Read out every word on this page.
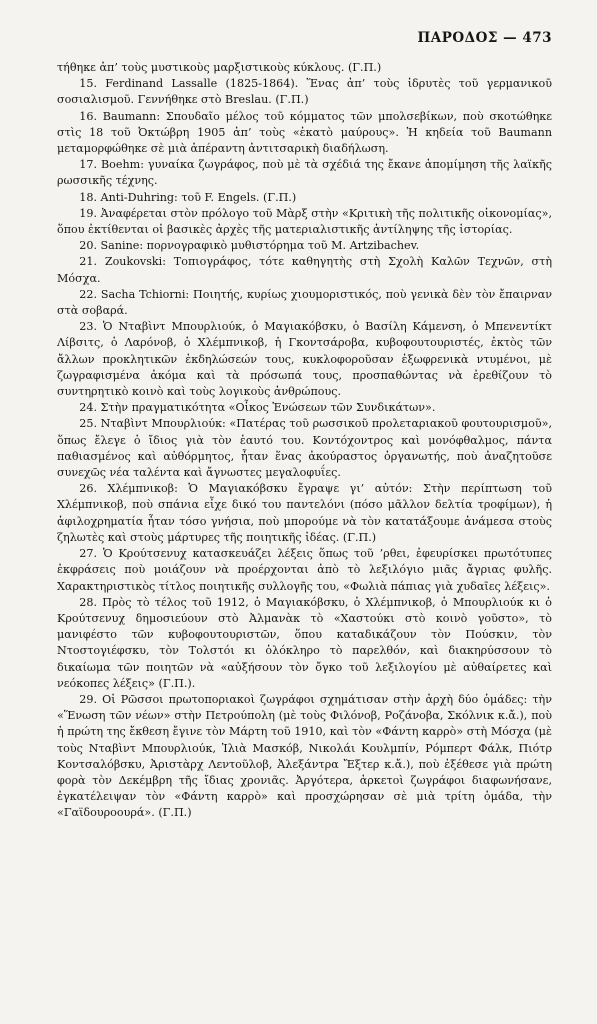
ΠΑΡΟΔΟΣ — 473

τήθηκε ἀπ’ τοὺς μυστικοὺς μαρξιστικοὺς κύκλους. (Γ.Π.)

15. Ferdinand Lassalle (1825-1864). Ἕνας ἀπ’ τοὺς ἱδρυτὲς τοῦ γερμανικοῦ σοσιαλισμοῦ. Γεννήθηκε στὸ Breslau. (Γ.Π.)

16. Baumann: Σπουδαῖο μέλος τοῦ κόμματος τῶν μπολσεβίκων, ποὺ σκοτώθηκε στὶς 18 τοῦ Ὀκτώβρη 1905 ἀπ’ τοὺς «ἑκατὸ μαύρους». Ἡ κηδεία τοῦ Baumann μεταμορφώθηκε σὲ μιὰ ἀπέραντη ἀντιτσαρικὴ διαδήλωση.

17. Boehm: γυναίκα ζωγράφος, ποὺ μὲ τὰ σχέδιά της ἔκανε ἀπομίμηση τῆς λαϊκῆς ρωσσικῆς τέχνης.

18. Anti-Duhring: τοῦ F. Engels. (Γ.Π.)

19. Ἀναφέρεται στὸν πρόλογο τοῦ Μὰρξ στὴν «Κριτικὴ τῆς πολιτικῆς οἰκονομίας», ὅπου ἐκτίθενται οἱ βασικὲς ἀρχὲς τῆς ματεριαλιστικῆς ἀντίληψης τῆς ἱστορίας.

20. Sanine: πορνογραφικὸ μυθιστόρημα τοῦ M. Artzibachev.

21. Zoukovski: Τοπιογράφος, τότε καθηγητὴς στὴ Σχολὴ Καλῶν Τεχνῶν, στὴ Μόσχα.

22. Sacha Tchiorni: Ποιητής, κυρίως χιουμοριστικός, ποὺ γενικὰ δὲν τὸν ἔπαιρναν στὰ σοβαρά.

23. Ὁ Νταβὶντ Μπουρλιούκ, ὁ Μαγιακόβσκυ, ὁ Βασίλη Κάμενση, ὁ Μπενεντίκτ Λίβσιτς, ὁ Λαρόνοβ, ὁ Χλέμπνικοβ, ἡ Γκοντσάροβα, κυβοφουτουριστές, ἐκτὸς τῶν ἄλλων προκλητικῶν ἐκδηλώσεών τους, κυκλοφοροῦσαν ἐξωφρενικὰ ντυμένοι, μὲ ζωγραφισμένα ἀκόμα καὶ τὰ πρόσωπά τους, προσπαθώντας νὰ ἐρεθίζουν τὸ συντηρητικὸ κοινὸ καὶ τοὺς λογικοὺς ἀνθρώπους.

24. Στὴν πραγματικότητα «Οἶκος Ἑνώσεων τῶν Συνδικάτων».

25. Νταβὶντ Μπουρλιούκ: «Πατέρας τοῦ ρωσσικοῦ προλεταριακοῦ φουτουρισμοῦ», ὅπως ἔλεγε ὁ ἴδιος γιὰ τὸν ἑαυτό του. Κοντόχοντρος καὶ μονόφθαλμος, πάντα παθιασμένος καὶ αὐθόρμητος, ἦταν ἕνας ἀκούραστος ὀργανωτής, ποὺ ἀναζητοῦσε συνεχῶς νέα ταλέντα καὶ ἄγνωστες μεγαλοφυΐες.

26. Χλέμπνικοβ: Ὁ Μαγιακόβσκυ ἔγραψε γι’ αὐτόν: Στὴν περίπτωση τοῦ Χλέμπνικοβ, ποὺ σπάνια εἶχε δικό του παντελόνι (πόσο μᾶλλον δελτία τροφίμων), ἡ ἀφιλοχρηματία ἦταν τόσο γνήσια, ποὺ μπορούμε νὰ τὸν κατατάξουμε ἀνάμεσα στοὺς ζηλωτὲς καὶ στοὺς μάρτυρες τῆς ποιητικῆς ἰδέας. (Γ.Π.)

27. Ὁ Κρούτσενυχ κατασκευάζει λέξεις ὅπως τοῦ ’ρθει, ἐφευρίσκει πρωτότυπες ἐκφράσεις ποὺ μοιάζουν νὰ προέρχονται ἀπὸ τὸ λεξιλόγιο μιᾶς ἄγριας φυλῆς. Χαρακτηριστικὸς τίτλος ποιητικῆς συλλογῆς του, «Φωλιὰ πάπιας γιὰ χυδαῖες λέξεις».

28. Πρὸς τὸ τέλος τοῦ 1912, ὁ Μαγιακόβσκυ, ὁ Χλέμπνικοβ, ὁ Μπουρλιούκ κι ὁ Κρούτσενυχ δημοσιεύουν στὸ Ἀλμανὰκ τὸ «Χαστούκι στὸ κοινὸ γοῦστο», τὸ μανιφέστο τῶν κυβοφουτουριστῶν, ὅπου καταδικάζουν τὸν Πούσκιν, τὸν Ντοστογιέφσκυ, τὸν Τολστόι κι ὁλόκληρο τὸ παρελθόν, καὶ διακηρύσσουν τὸ δικαίωμα τῶν ποιητῶν νὰ «αὐξήσουν τὸν ὄγκο τοῦ λεξιλογίου μὲ αὐθαίρετες καὶ νεόκοπες λέξεις» (Γ.Π.).

29. Οἱ Ρῶσσοι πρωτοποριακοὶ ζωγράφοι σχημάτισαν στὴν ἀρχὴ δύο ὁμάδες: τὴν «Ἕνωση τῶν νέων» στὴν Πετρούπολη (μὲ τοὺς Φιλόνοβ, Ροζάνοβα, Σκόλνικ κ.ἄ.), ποὺ ἡ πρώτη της ἔκθεση ἔγινε τὸν Μάρτη τοῦ 1910, καὶ τὸν «Φάντη καρρὸ» στὴ Μόσχα (μὲ τοὺς Νταβὶντ Μπουρλιούκ, Ἰλιὰ Μασκόβ, Νικολάι Κουλμπίν, Ρόμπερτ Φάλκ, Πιότρ Κοντσαλόβσκυ, Ἀριστὰρχ Λεντοῦλοβ, Ἀλεξάντρα Ἔξτερ κ.ἄ.), ποὺ ἐξέθεσε γιὰ πρώτη φορὰ τὸν Δεκέμβρη τῆς ἴδιας χρονιᾶς. Ἀργότερα, ἀρκετοὶ ζωγράφοι διαφωνήσανε, ἐγκατέλειψαν τὸν «Φάντη καρρὸ» καὶ προσχώρησαν σὲ μιὰ τρίτη ὁμάδα, τὴν «Γαϊδουροουρά». (Γ.Π.)
